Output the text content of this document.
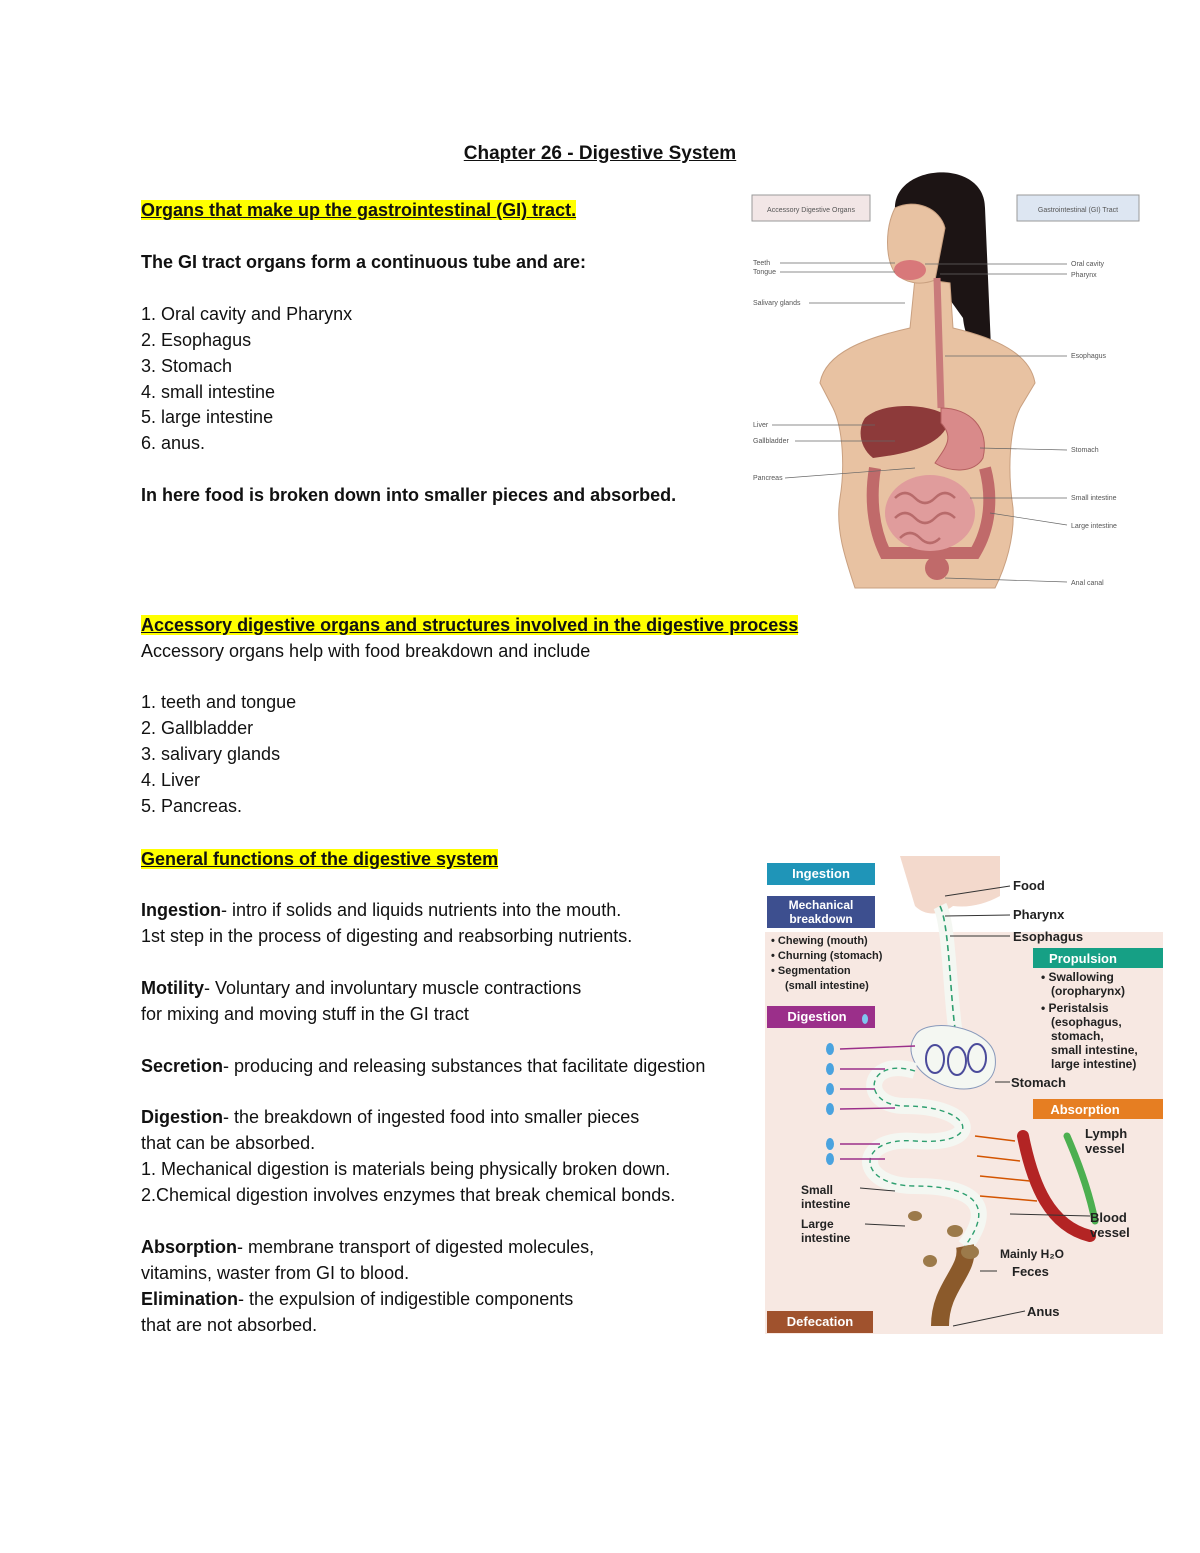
Chapter 26 - Digestive System
Organs that make up the gastrointestinal (GI) tract.
The GI tract organs form a continuous tube and are:
1. Oral cavity and Pharynx
2. Esophagus
3. Stomach
4. small intestine
5. large intestine
6. anus.
In here food is broken down into smaller pieces and absorbed.
Accessory digestive organs and structures involved in the digestive process
Accessory organs help with food breakdown and include
1. teeth and tongue
2. Gallbladder
3. salivary glands
4. Liver
5. Pancreas.
General functions of the digestive system
Ingestion- intro if solids and liquids nutrients into the mouth.
1st step in the process of digesting and reabsorbing nutrients.
Motility- Voluntary and involuntary muscle contractions
for mixing and moving stuff in the GI tract
Secretion- producing and releasing substances that facilitate digestion
Digestion- the breakdown of ingested food into smaller pieces
that can be absorbed.
1. Mechanical digestion is materials being physically broken down.
2.Chemical digestion involves enzymes that break chemical bonds.
Absorption- membrane transport of digested molecules,
vitamins, waster from GI to blood.
Elimination- the expulsion of indigestible components
that are not absorbed.
Accessory Digestive Organs	Gastrointestinal (GI) Tract
Teeth
Tongue
Salivary glands
Liver
Gallbladder
Pancreas
Oral cavity
Pharynx
Esophagus
Stomach
Small intestine
Large intestine
Anal canal
Ingestion
Mechanical
breakdown
• Chewing (mouth)
• Churning (stomach)
• Segmentation
(small intestine)
Digestion
Food
Pharynx
Esophagus
Propulsion
• Swallowing
(oropharynx)
• Peristalsis
(esophagus,
stomach,
small intestine,
large intestine)
Stomach
Absorption
Lymph
vessel
Small
intestine
Large
intestine
Blood
vessel
Mainly H₂O
Feces
Anus
Defecation
